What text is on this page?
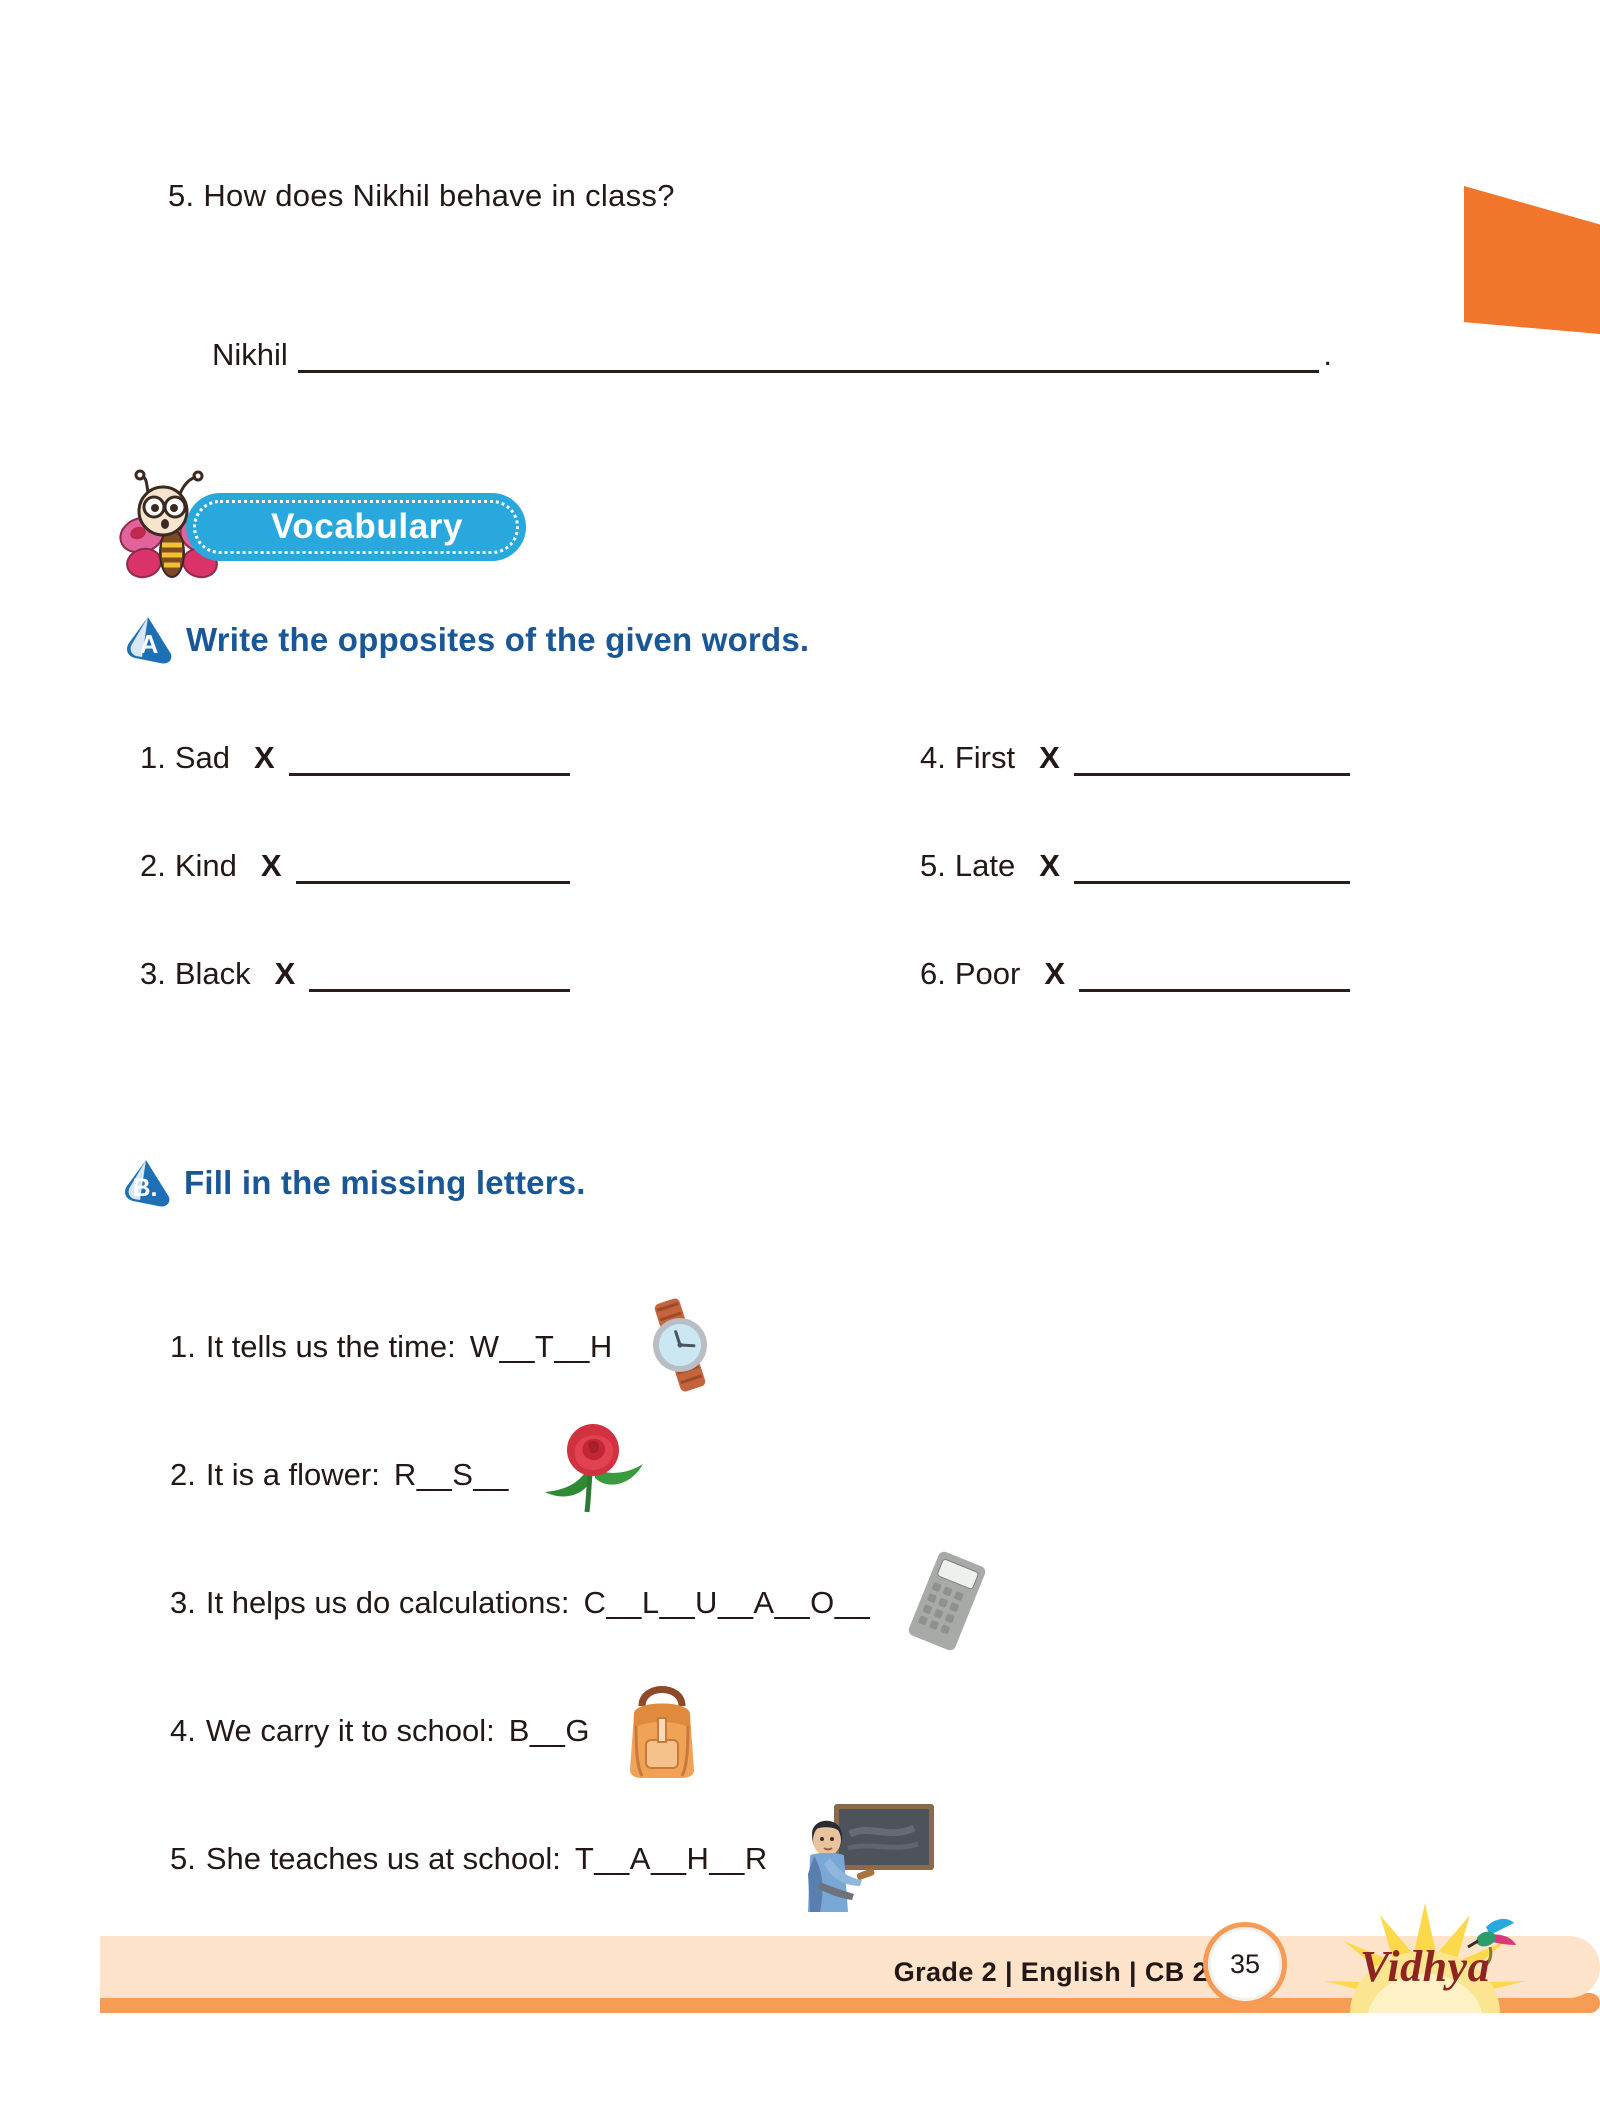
5. How does Nikhil behave in class?
Nikhil	.
Vocabulary
A Write the opposites of the given words.
1. Sad X	4. First X
2. Kind X	5. Late X
3. Black X	6. Poor X
B. Fill in the missing letters.
1. It tells us the time: W__T__H
2. It is a flower: R__S__
3. It helps us do calculations: C__L__U__A__O__
4. We carry it to school: B__G
5. She teaches us at school: T__A__H__R
Grade 2 | English | CB 2 35	Vidhya
